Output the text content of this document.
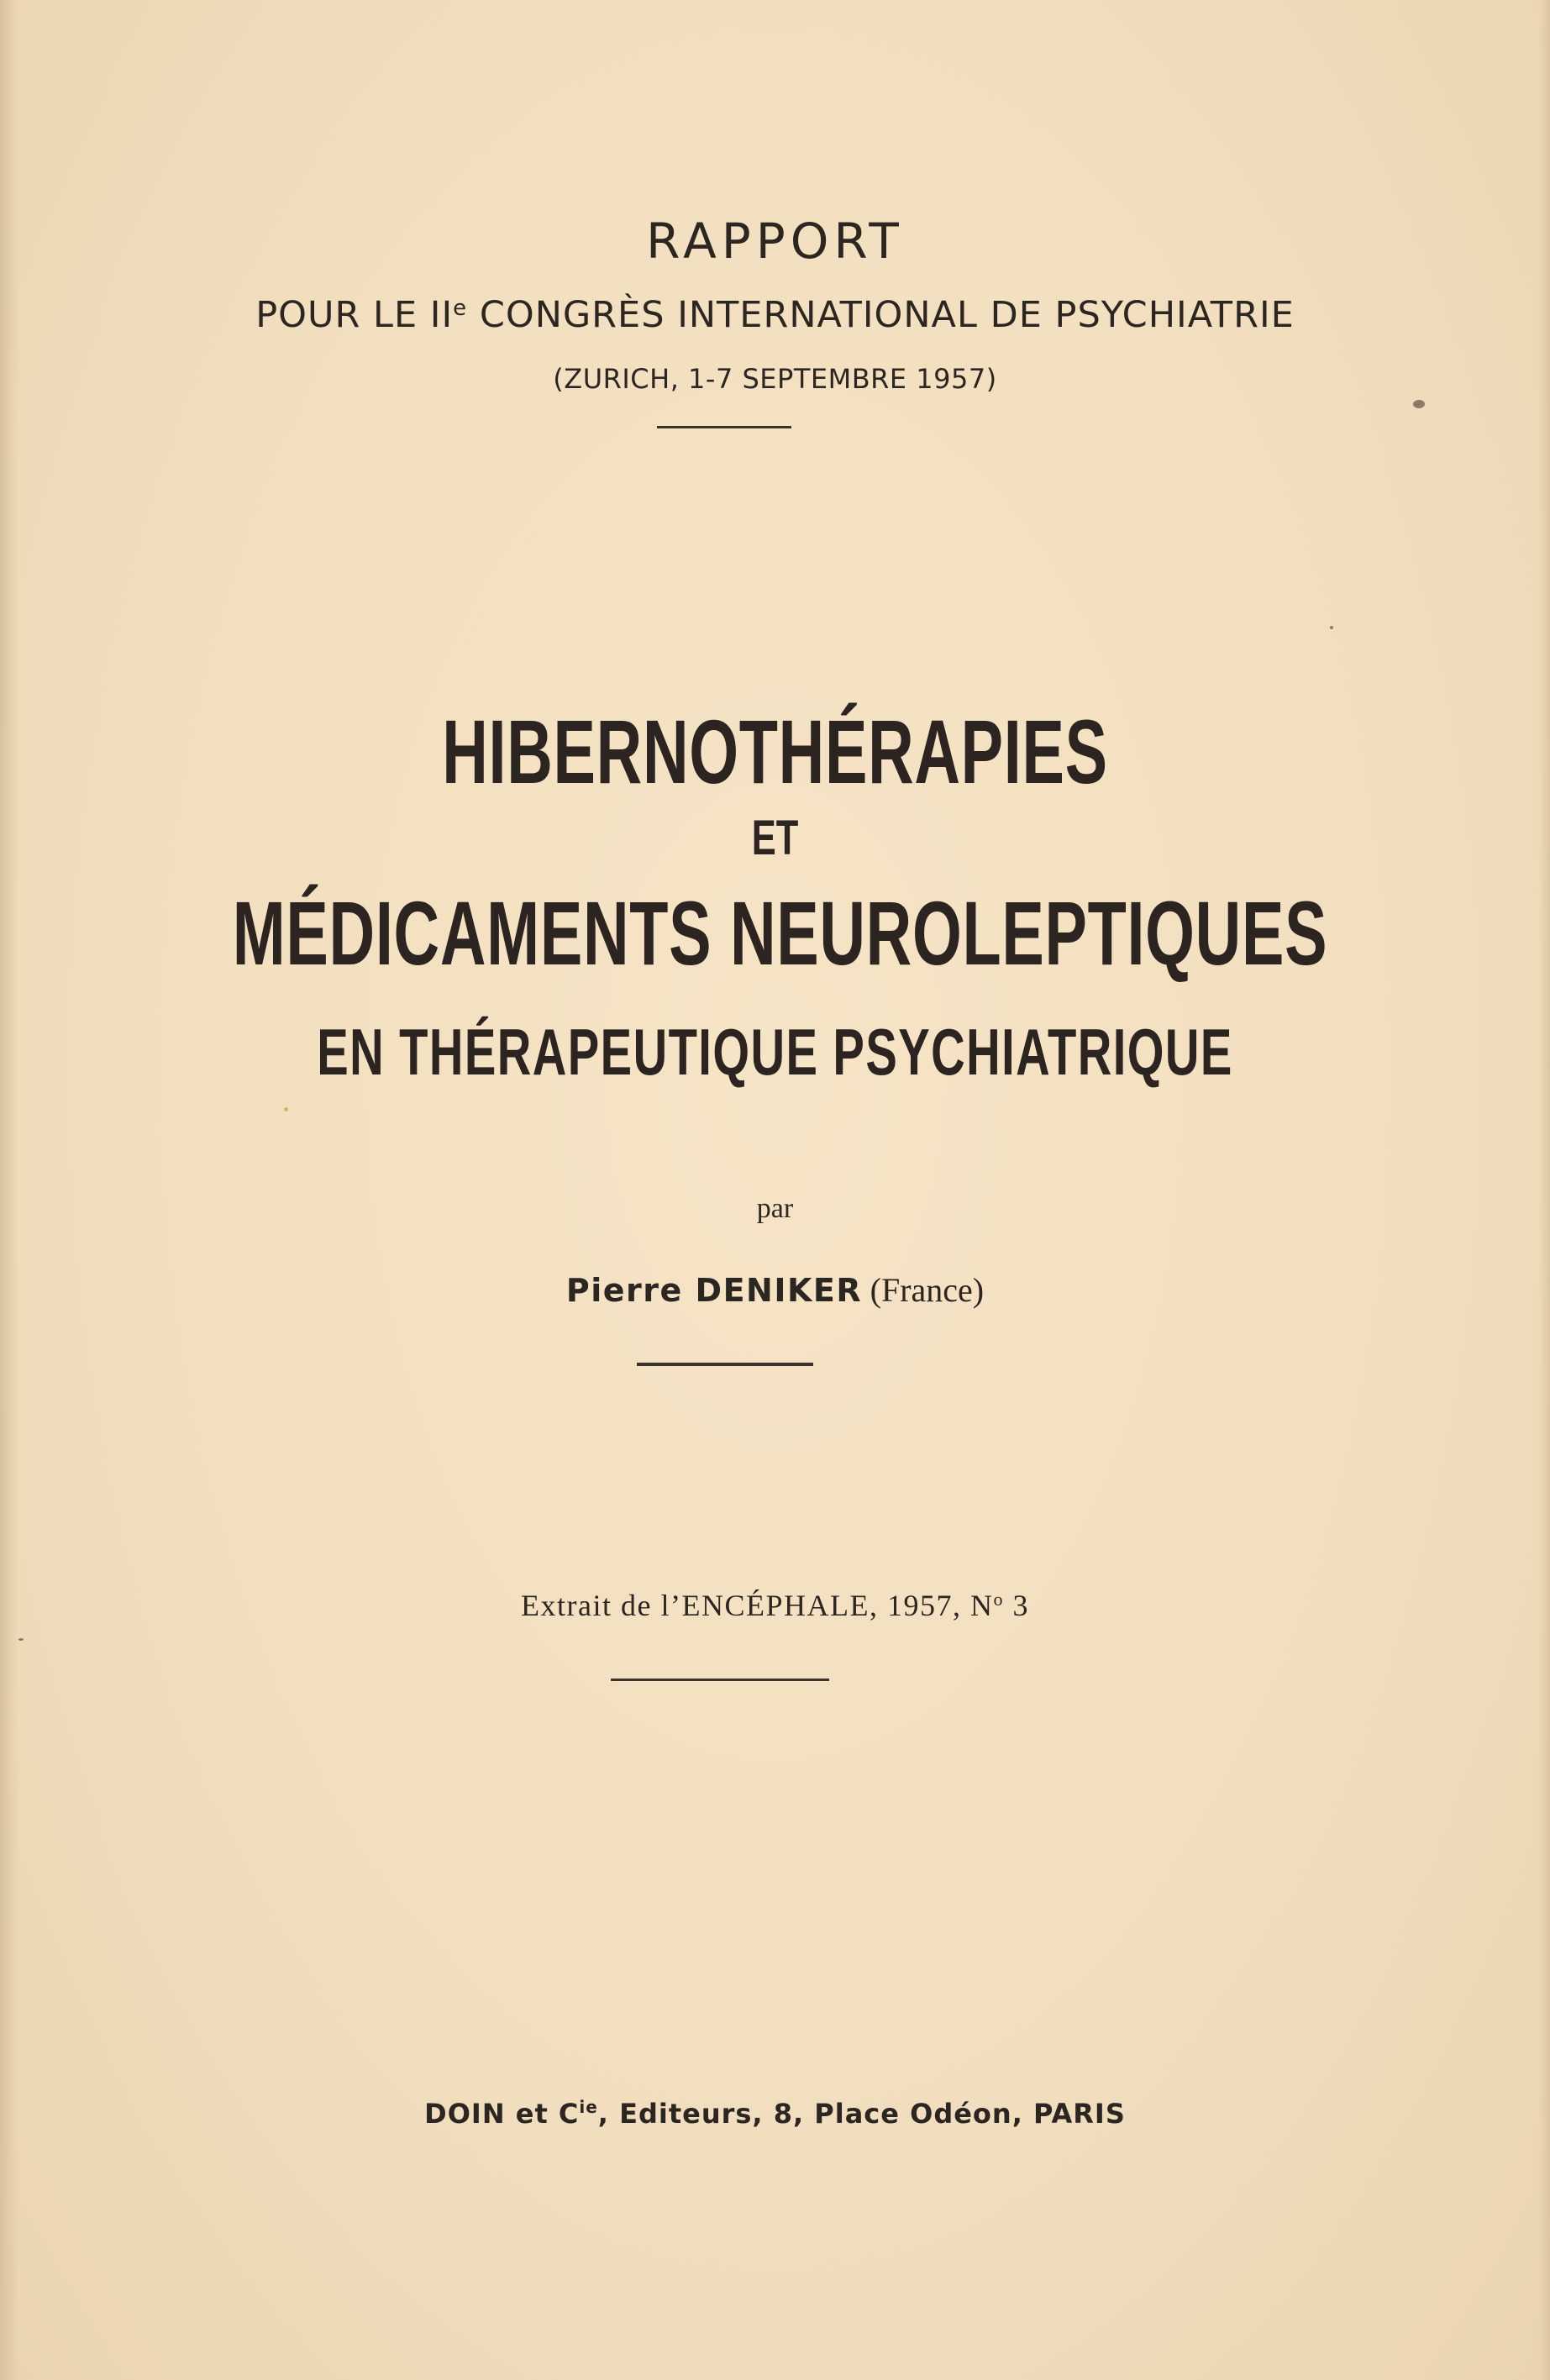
RAPPORT
POUR LE IIe CONGRÈS INTERNATIONAL DE PSYCHIATRIE
(ZURICH, 1-7 SEPTEMBRE 1957)
HIBERNOTHÉRAPIES
ET
MÉDICAMENTS NEUROLEPTIQUES
EN THÉRAPEUTIQUE PSYCHIATRIQUE
par
Pierre DENIKER (France)
Extrait de l’ENCÉPHALE, 1957, $N^o$ 3
DOIN et $C^{ie}$, Editeurs, 8, Place Odéon, PARIS
